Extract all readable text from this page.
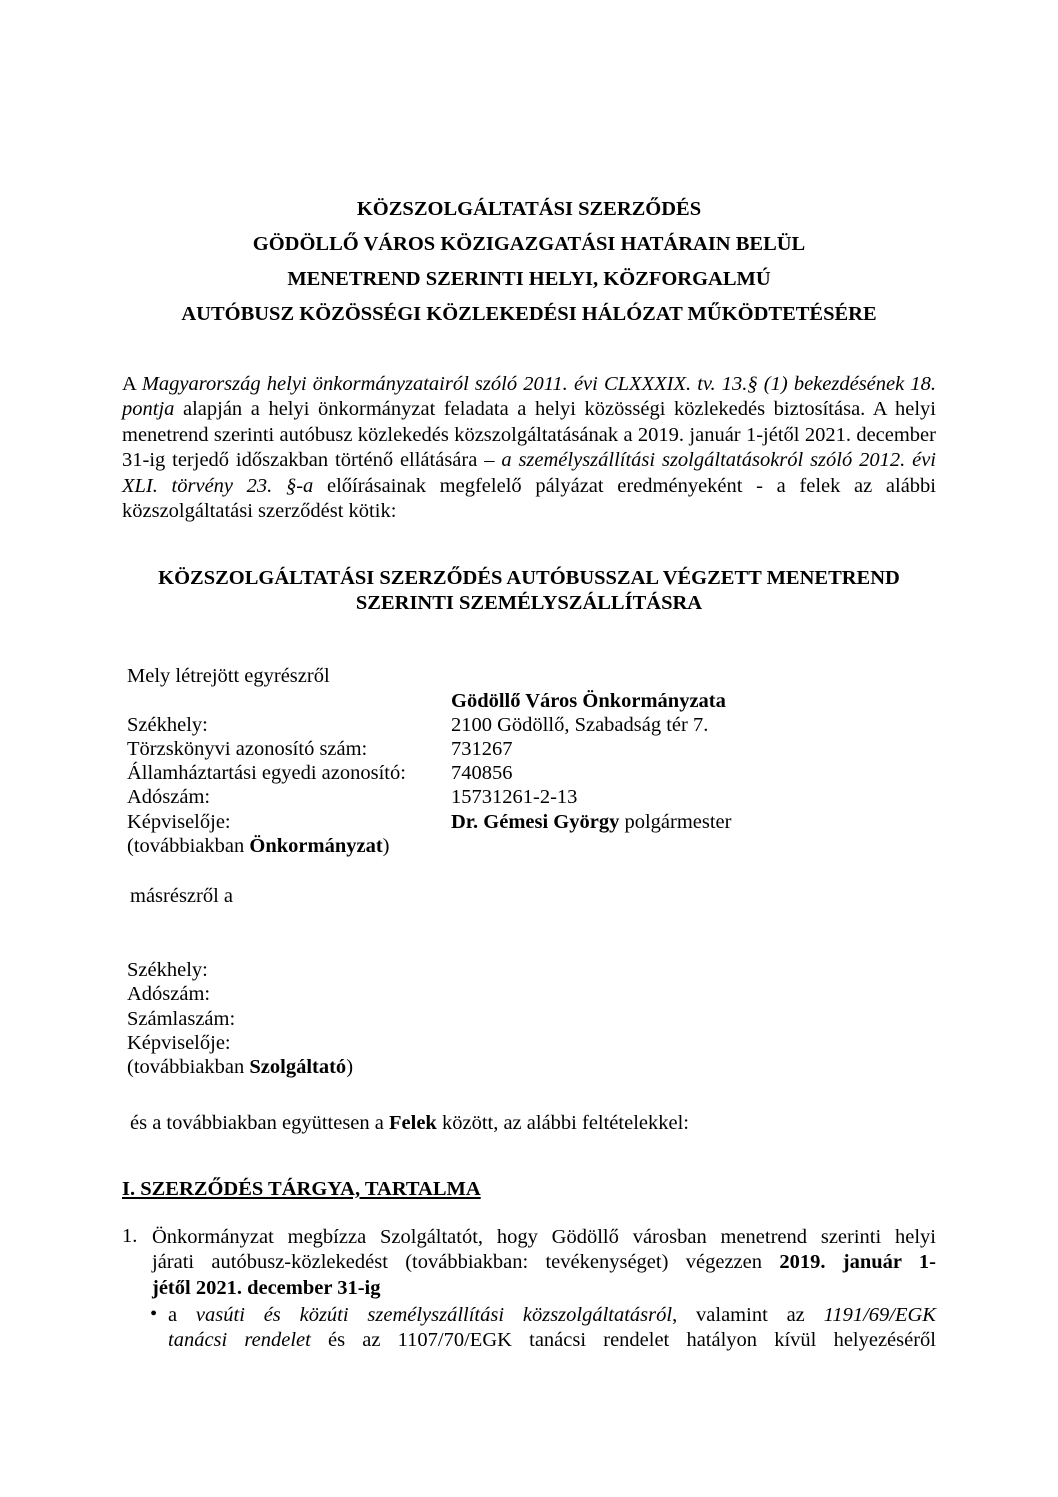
KÖZSZOLGÁLTATÁSI SZERZŐDÉS
GÖDÖLLŐ VÁROS KÖZIGAZGATÁSI HATÁRAIN BELÜL
MENETREND SZERINTI HELYI, KÖZFORGALMÚ
AUTÓBUSZ KÖZÖSSÉGI KÖZLEKEDÉSI HÁLÓZAT MŰKÖDTETÉSÉRE
A Magyarország helyi önkormányzatairól szóló 2011. évi CLXXXIX. tv. 13.§ (1) bekezdésének 18. pontja alapján a helyi önkormányzat feladata a helyi közösségi közlekedés biztosítása. A helyi menetrend szerinti autóbusz közlekedés közszolgáltatásának a 2019. január 1-jétől 2021. december 31-ig terjedő időszakban történő ellátására – a személyszállítási szolgáltatásokról szóló 2012. évi XLI. törvény 23. §-a előírásainak megfelelő pályázat eredményeként - a felek az alábbi közszolgáltatási szerződést kötik:
KÖZSZOLGÁLTATÁSI SZERZŐDÉS AUTÓBUSSZAL VÉGZETT MENETREND
SZERINTI SZEMÉLYSZÁLLÍTÁSRA
Mely létrejött egyrészről
Gödöllő Város Önkormányzata
Székhely:	2100 Gödöllő, Szabadság tér 7.
Törzskönyvi azonosító szám:	731267
Államháztartási egyedi azonosító: 740856
Adószám:	15731261-2-13
Képviselője:	Dr. Gémesi György polgármester
(továbbiakban Önkormányzat)
másrészről a
Székhely:
Adószám:
Számlaszám:
Képviselője:
(továbbiakban Szolgáltató)
és a továbbiakban együttesen a Felek között, az alábbi feltételekkel:
I. SZERZŐDÉS TÁRGYA, TARTALMA
1. Önkormányzat megbízza Szolgáltatót, hogy Gödöllő városban menetrend szerinti helyi
járati autóbusz-közlekedést (továbbiakban: tevékenységet) végezzen 2019. január 1-
jétől 2021. december 31-ig
• a vasúti és közúti személyszállítási közszolgáltatásról, valamint az 1191/69/EGK
tanácsi rendelet és az 1107/70/EGK tanácsi rendelet hatályon kívül helyezéséről
